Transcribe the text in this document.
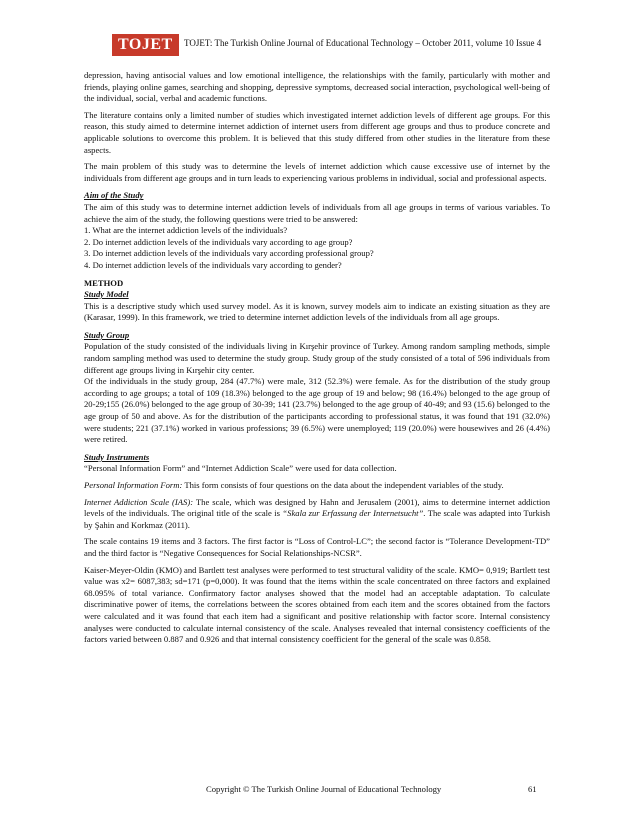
TOJET	TOJET: The Turkish Online Journal of Educational Technology – October 2011, volume 10 Issue 4

depression, having antisocial values and low emotional intelligence, the relationships with the family, particularly with mother and friends, playing online games, searching and shopping, depressive symptoms, decreased social interaction, psychological well-being of the individual, social, verbal and academic functions.

The literature contains only a limited number of studies which investigated internet addiction levels of different age groups. For this reason, this study aimed to determine internet addiction of internet users from different age groups and thus to produce concrete and applicable solutions to overcome this problem. It is believed that this study differed from other studies in the literature from these aspects.

The main problem of this study was to determine the levels of internet addiction which cause excessive use of internet by the individuals from different age groups and in turn leads to experiencing various problems in individual, social and professional aspects.

Aim of the Study

The aim of this study was to determine internet addiction levels of individuals from all age groups in terms of various variables. To achieve the aim of the study, the following questions were tried to be answered:

1. What are the internet addiction levels of the individuals?
2. Do internet addiction levels of the individuals vary according to age group?
3. Do internet addiction levels of the individuals vary according professional group?
4. Do internet addiction levels of the individuals vary according to gender?
METHOD
Study Model

This is a descriptive study which used survey model. As it is known, survey models aim to indicate an existing situation as they are (Karasar, 1999). In this framework, we tried to determine internet addiction levels of the individuals from all age groups.

Study Group

Population of the study consisted of the individuals living in Kırşehir province of Turkey. Among random sampling methods, simple random sampling method was used to determine the study group. Study group of the study consisted of a total of 596 individuals from different age groups living in Kırşehir city center.

Of the individuals in the study group, 284 (47.7%) were male, 312 (52.3%) were female. As for the distribution of the study group according to age groups; a total of 109 (18.3%) belonged to the age group of 19 and below; 98 (16.4%) belonged to the age group of 20-29;155 (26.0%) belonged to the age group of 30-39; 141 (23.7%) belonged to the age group of 40-49; and 93 (15.6) belonged to the age group of 50 and above. As for the distribution of the participants according to professional status, it was found that 191 (32.0%) were students; 221 (37.1%) worked in various professions; 39 (6.5%) were unemployed; 119 (20.0%) were housewives and 26 (4.4%) were retired.

Study Instruments

“Personal Information Form” and “Internet Addiction Scale” were used for data collection.

Personal Information Form: This form consists of four questions on the data about the independent variables of the study.

Internet Addiction Scale (IAS): The scale, which was designed by Hahn and Jerusalem (2001), aims to determine internet addiction levels of the individuals. The original title of the scale is “Skala zur Erfassung der Internetsucht”. The scale was adapted into Turkish by Şahin and Korkmaz (2011).

The scale contains 19 items and 3 factors. The first factor is “Loss of Control-LC”; the second factor is “Tolerance Development-TD” and the third factor is “Negative Consequences for Social Relationships-NCSR”.

Kaiser-Meyer-Oldin (KMO) and Bartlett test analyses were performed to test structural validity of the scale. KMO= 0,919; Bartlett test value was x2= 6087,383; sd=171 (p=0,000). It was found that the items within the scale concentrated on three factors and explained 68.095% of total variance. Confirmatory factor analyses showed that the model had an acceptable adaptation. To calculate discriminative power of items, the correlations between the scores obtained from each item and the scores obtained from the factors were calculated and it was found that each item had a significant and positive relationship with factor score. Internal consistency analyses were conducted to calculate internal consistency of the scale. Analyses revealed that internal consistency coefficients of the factors varied between 0.887 and 0.926 and that internal consistency coefficient for the general of the scale was 0.858.

Copyright © The Turkish Online Journal of Educational Technology	61
